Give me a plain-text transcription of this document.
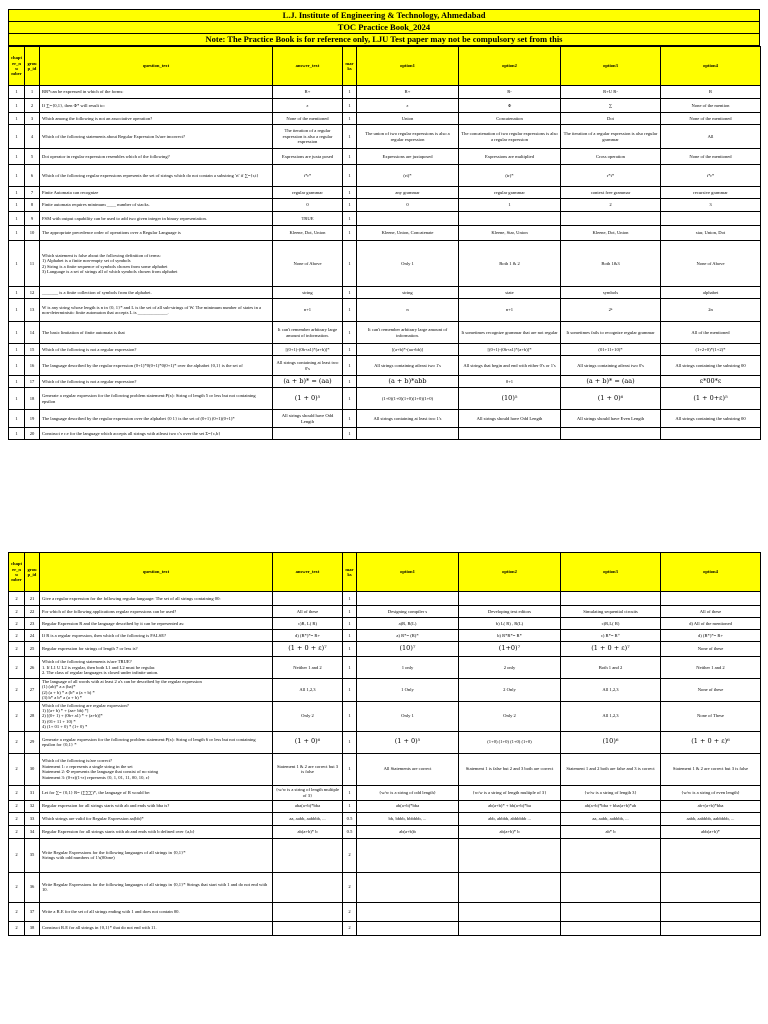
L.J. Institute of Engineering & Technology, Ahmedabad
TOC Practice Book_2024
Note: The Practice Book is for reference only, LJU Test paper may not be compulsory set from this
chapt er_nu mber	grou p_id	question_text	answer_text	mar ks	option1	option2	option3	option4
1	1	RR*can be expressed in which of the forms:	R+	1	R+	R-	R+U R-	R
1	2	If ∑={0,1}, then Φ* will result to:	ε	1	ε	Φ	∑	None of the mention
1	3	Which among the following is not an associative operation?	None of the mentioned	1	Union	Concatenation	Dot	None of the mentioned
1	4	Which of the following statements about Regular Expression Is/are incorrect?	The iteration of a regular expression is also a regular expression	1	The union of two regular expressions is also a regular expression	The concatenation of two regular expressions is also a regular expression	The iteration of a regular expression is also regular grammar	All
1	5	Dot operator in regular expression resembles which of the following?	Expressions are juxta posed	1	Expressions are juxtaposed	Expressions are multiplied	Cross operation	None of the mentioned
1	6	Which of the following regular expressions represents the set of strings which do not contain a substring 'rt' if ∑={r,t}	t*r*	1	(rt)*	(tr)*	r*t*	t*r*
1	7	Finite Automata can recognize	regular grammar	1	any grammar	regular grammar	context free grammar	recursive grammar
1	8	Finite automata requires minimum ____ number of stacks.	0	1	0	1	2	3
1	9	FSM with output capability can be used to add two given integer in binary representation.	TRUE	1				
1	10	The appropriate precedence order of operations over a Regular Language is	Kleene, Dot, Union	1	Kleene, Union, Concatenate	Kleene, Star, Union	Kleene, Dot, Union	star, Union, Dot
1	11	Which statement is false about the following definition of terms:
1) Alphabet is a finite non-empty set of symbols
2) String is a finite sequence of symbols chosen from some alphabet
3) Language is a set of strings all of which symbols chosen from alphabet	None of Above	1	Only 1	Both 1 & 2	Both 1&3	None of Above
1	12	_______ is a finite collection of symbols from the alphabet.	string	1	string	state	symbols	alphabet
1	13	W is any string whose length is n in {0, 1}* and L is the set of all sub-strings of W. The minimum number of states in a non-deterministic finite automaton that accepts L is _____________.	n+1	1	n	n+1	2ⁿ	2n
1	14	The basic limitation of finite automata is that	It can't remember arbitrary large amount of information.	1	It can't remember arbitrary large amount of information.	It sometimes recognize grammar that are not regular	It sometimes fails to recognize regular grammar	All of the mentioned
1	15	Which of the following is not a regular expression?	[(0+1)-(0b+a1)*(a+b)]*	1	[(a+b)*-(aa+bb)]	[(0+1)-(0b+a1)*(a+b)]*	(01+11+10)*	(1+2+0)*(1+2)*
1	16	The language described by the regular expression (0+1)*0(0+1)*0(0+1)* over the alphabet {0,1} is the set of	All strings containing at least two 0's	1	All strings containing atleast two 1's	All strings that begin and end with either 0's or 1's	All strings containing atleast two 0's	All strings containing the substring 00
1	17	Which of the following is not a regular expression?	(a + b)* = (aa)	1	(a + b)*abb	0+1	(a + b)* = (aa)	ε*00*ε
1	18	Generate a regular expression for the following problem statement:P(x): String of length 5 or less but not containing epsilon	(1 + 0)⁵	1	(1+0)(1+0)(1+0)(1+0)(1+0)	(10)⁵	(1 + 0)⁶	(1 + 0+ε)⁵
1	19	The language described by the regular expression over the alphabet {0 1} is the set of (0+1) (0+1)(0+1)*	All strings should have Odd Length	1	All strings containing at least two 1's	All strings should have Odd Length	All strings should have Even Length	All strings containing the substring 00
1	20	Construct e r.e for the language which accepts all strings with atleast two c's over the set Σ={c,b}		1				
chapt er_nu mber	grou p_id	question_text	answer_text	mar ks	option1	option2	option3	option4
2	21	Give a regular expression for the following regular language: The set of all strings containing 00:		1				
2	22	For which of the following applications regular expressions can be used?	All of these	1	Designing compiler s	Developing text editors	Simulating sequential circuits	All of these
2	23	Regular Expression R and the language described by it can be represented as:	c)R, L( R)	1	a)R, R(L)	b) L( R) , R(L)	c)R,L( R)	d) All of the mentioned
2	24	If R is a regular expression, then which of the following is FALSE?	d) (R*)*= R+	1	a) R*= (R)*	b) R*R*= R*	c) R*= R⁺	d) (R*)*= R+
2	25	Regular expression for strings of length 7 or less is?	(1 + 0 + ε)⁷	1	(10)⁷	(1+0)⁷	(1 + 0 + ε)⁷	None of these
2	26	Which of the following statements is/are TRUE?
1. If L1 U L2 is regular, then both L1 and L2 must be regular.
2. The class of regular languages is closed under infinite union.	Neither 1 and 2	1	1 only	2 only	Both 1 and 2	Neither 1 and 2
2	27	The language of all words with at least 2 a's can be described by the regular expression
(1) (ab)* a a (ba)*
(2) (a + b) * a (b* a (a + b) *
(3) b* a b* a (a + b) *	All 1,2,3	1	1 Only	2 Only	All 1,2,3	None of these
2	28	Which of the following are regular expression?
1) [(a+ b) * + (aa+ bb) *]
2) [(0+ 1) + (0b+ a1) * + (a+b)]*
3) (01+ 11 + 10) *
4) (1+ 01 + 0) * (1+ 0) *	Only 2	1	Only 1	Only 2	All 1,2,3	None of These
2	29	Generate a regular expression for the following problem statement:P(x): String of length 6 or less but not containing epsilon for {0,1} *	(1 + 0)⁶	1	(1 + 0)⁵	(1+0) (1+0) (1+0) (1+0)	(10)⁶	(1 + 0 + ε)⁶
2	30	Which of the following is/are correct?
Statement 1: ε represents a single string in the set
Statement 2: Φ represents the language that consist of no string
Statement 3: (0+ε)(1+ε) represents {0, 1, 01, 11, 00, 10, ε}	Statement 1 & 2 are correct but 3 is false	1	All Statements are correct	Statement 1 is false but 2 and 3 both are correct	Statement 1 and 2 both are false and 3 is correct	Statement 1 & 2 are correct but 3 is false
2	31	Let for ∑= {0,1} R= (∑∑∑)*, the language of R would be:	{w/w is a string of length multiple of 3}	1	{w/w is a string of odd length}	{w/w is a string of length multiple of 3}	{w/w is a string of length 3}	{w/w is a string of even length}
2	32	Regular expression for all strings starts with ab and ends with bba is?	aba(a+b)*bba	1	ab(a+b)*bba	ab(a+b)* + bb(a+b)*ba	ab(a+b)*bba + bba(a+b)*ab	ab+(a+b)*bba
2	33	Which strings are valid for Regular Expression aa(bb)*	aa, aabb, aabbbb, ...	0.5	bb, bbbb, bbbbbb, ...	abb, abbbb, abbbbbb ...	aa, aabb, aabbbb, ...	aabb, aabbbb, aabbbbb, ...
2	34	Regular Expression for all strings starts with ab and ends with b defined over {a,b}	ab(a+b)* b	0.5	ab(a+b)b	ab(a+b)* b	ab* b	abb(a+b)*
2	35	Write Regular Expressions for the following languages of all strings in {0,1}*
Strings with odd numbers of 1's(00one)		2				
2	36	Write Regular Expressions for the following languages of all strings in {0,1}* Strings that start with 1 and do not end with 10.		2				
2	37	Write a R.E for the set of all strings ending with 1 and does not contain 00.		2				
2	38	Construct R.E for all strings in {0,1}* that do not end with 11.		2				
